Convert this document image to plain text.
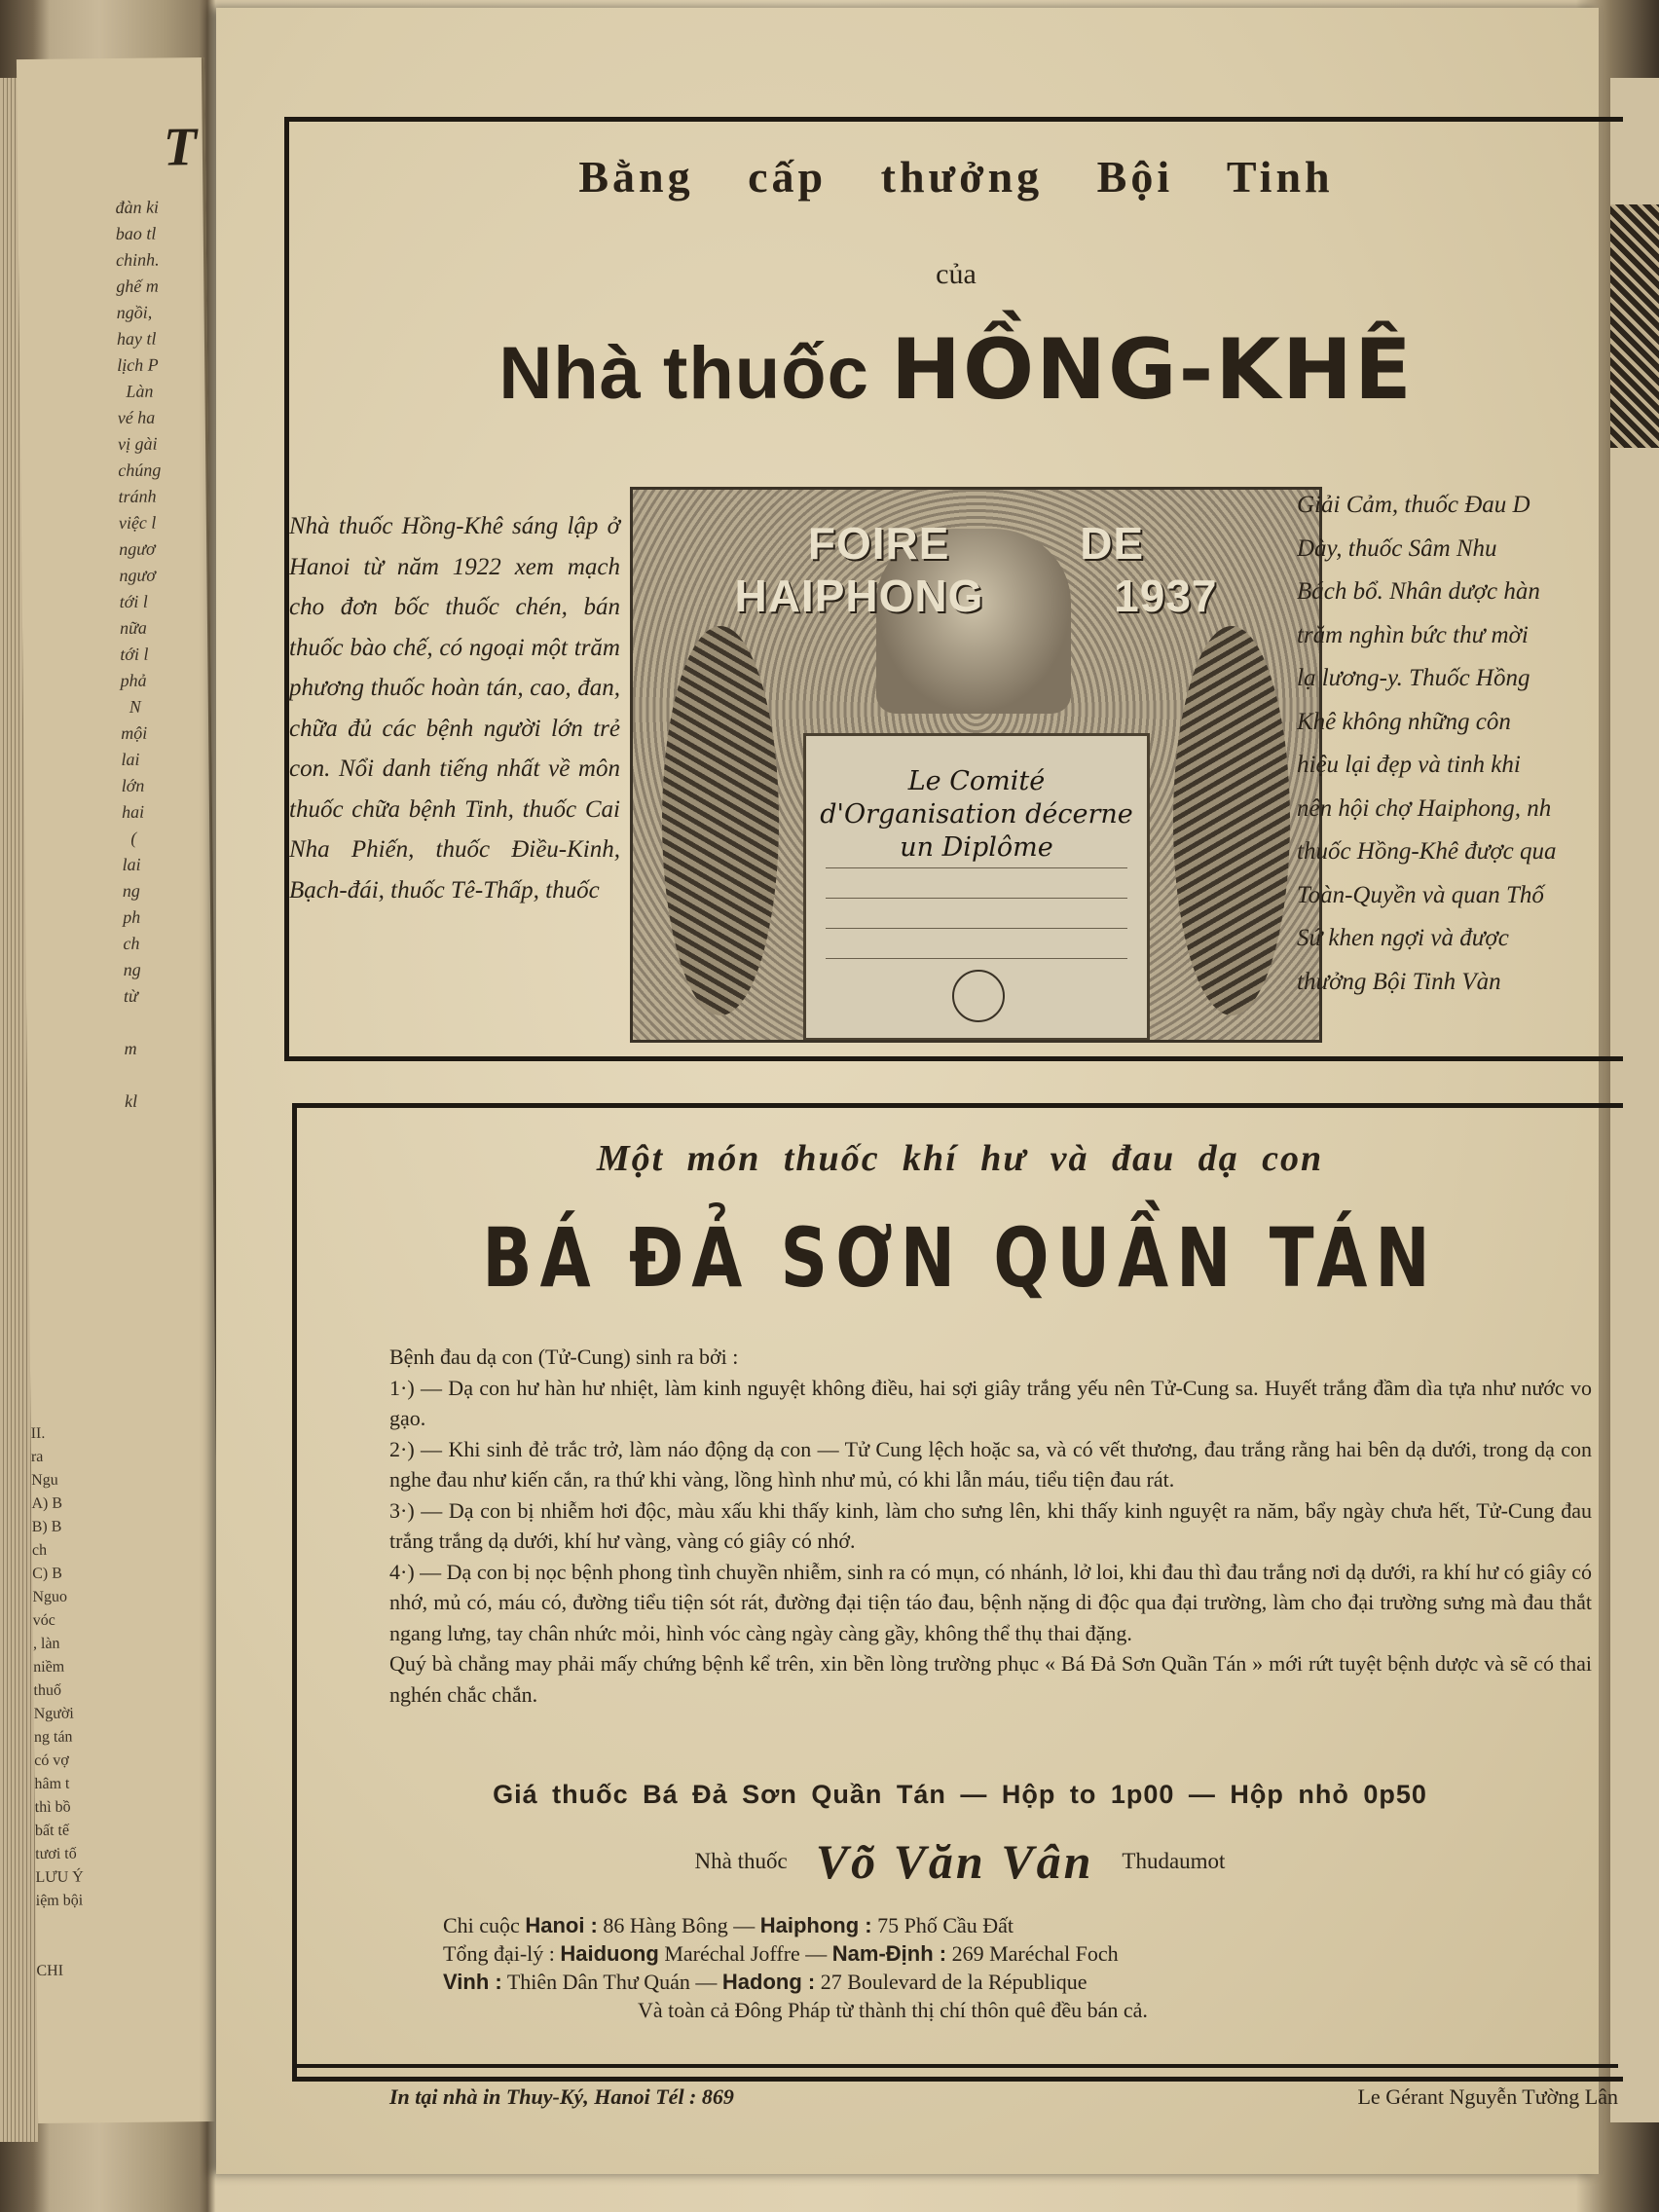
T
đàn ki
bao tl
chinh.
ghế m
ngồi,
hay tl
lịch P
Làn
vé ha
vị gài
chúng
tránh
việc l
ngươ
ngươ
tới l
nữa
tới l
phả
N
mội
lai
lớn
hai
(
lai
ng
ph
ch
ng
từ

m

kl
II.
ra
Ngu
A) B
B) B
ch
C) B
Nguo
vóc
, làn
niềm
thuố
Người
ng tán
có vợ
hâm t
thì bồ
bất tế
tươi tố
LƯU Ý
iệm bội

CHI
Bằng cấp thưởng Bội Tinh
của
Nhà thuốc HỒNG-KHÊ
Nhà thuốc Hồng-Khê sáng lập ở Hanoi từ năm 1922 xem mạch cho đơn bốc thuốc chén, bán thuốc bào chế, có ngoại một trăm phương thuốc hoàn tán, cao, đan, chữa đủ các bệnh người lớn trẻ con. Nổi danh tiếng nhất về môn thuốc chữa bệnh Tinh, thuốc Cai Nha Phiến, thuốc Điều-Kinh, Bạch-đái, thuốc Tê-Thấp, thuốc
FOIRE DE HAIPHONG 1937
Le Comité d'Organisation décerne un Diplôme
Giải Cảm, thuốc Đau D
Dày, thuốc Sâm Nhu
Bách bổ. Nhân dược hàn
trăm nghìn bức thư mời
lạ lương-y. Thuốc Hồng
Khê không những côn
hiệu lại đẹp và tinh khi
nên hội chợ Haiphong, nh
thuốc Hồng-Khê được qua
Toàn-Quyền và quan Thố
Sứ khen ngợi và được
thưởng Bội Tinh Vàn
Một món thuốc khí hư và đau dạ con
BÁ ĐẢ SƠN QUẦN TÁN

Bệnh đau dạ con (Tử-Cung) sinh ra bởi :

1·) — Dạ con hư hàn hư nhiệt, làm kinh nguyệt không điều, hai sợi giây trắng yếu nên Tử-Cung sa. Huyết trắng đầm dìa tựa như nước vo gạo.

2·) — Khi sinh đẻ trắc trở, làm náo động dạ con — Tử Cung lệch hoặc sa, và có vết thương, đau trắng rằng hai bên dạ dưới, trong dạ con nghe đau như kiến cắn, ra thứ khi vàng, lồng hình như mủ, có khi lẫn máu, tiểu tiện đau rát.

3·) — Dạ con bị nhiễm hơi độc, màu xấu khi thấy kinh, làm cho sưng lên, khi thấy kinh nguyệt ra năm, bẩy ngày chưa hết, Tử-Cung đau trắng trắng dạ dưới, khí hư vàng, vàng có giây có nhớ.

4·) — Dạ con bị nọc bệnh phong tình chuyền nhiễm, sinh ra có mụn, có nhánh, lở loi, khi đau thì đau trắng nơi dạ dưới, ra khí hư có giây có nhớ, mủ có, máu có, đường tiểu tiện sót rát, đường đại tiện táo đau, bệnh nặng di độc qua đại trường, làm cho đại trường sưng mà đau thắt ngang lưng, tay chân nhức mỏi, hình vóc càng ngày càng gầy, không thể thụ thai đặng.

Quý bà chẳng may phải mấy chứng bệnh kể trên, xin bền lòng trường phục « Bá Đả Sơn Quần Tán » mới rứt tuyệt bệnh dược và sẽ có thai nghén chắc chắn.

Giá thuốc Bá Đả Sơn Quần Tán — Hộp to 1p00 — Hộp nhỏ 0p50
Nhà thuốc Võ Văn Vân Thudaumot
Chi cuộc Hanoi : 86 Hàng Bông — Haiphong : 75 Phố Cầu Đất
Tổng đại-lý : Haiduong Maréchal Joffre — Nam-Định : 269 Maréchal Foch
Vinh : Thiên Dân Thư Quán — Hadong : 27 Boulevard de la République
Và toàn cả Đông Pháp từ thành thị chí thôn quê đều bán cả.
In tại nhà in Thuy-Ký, Hanoi Tél : 869	Le Gérant Nguyễn Tường Lân
